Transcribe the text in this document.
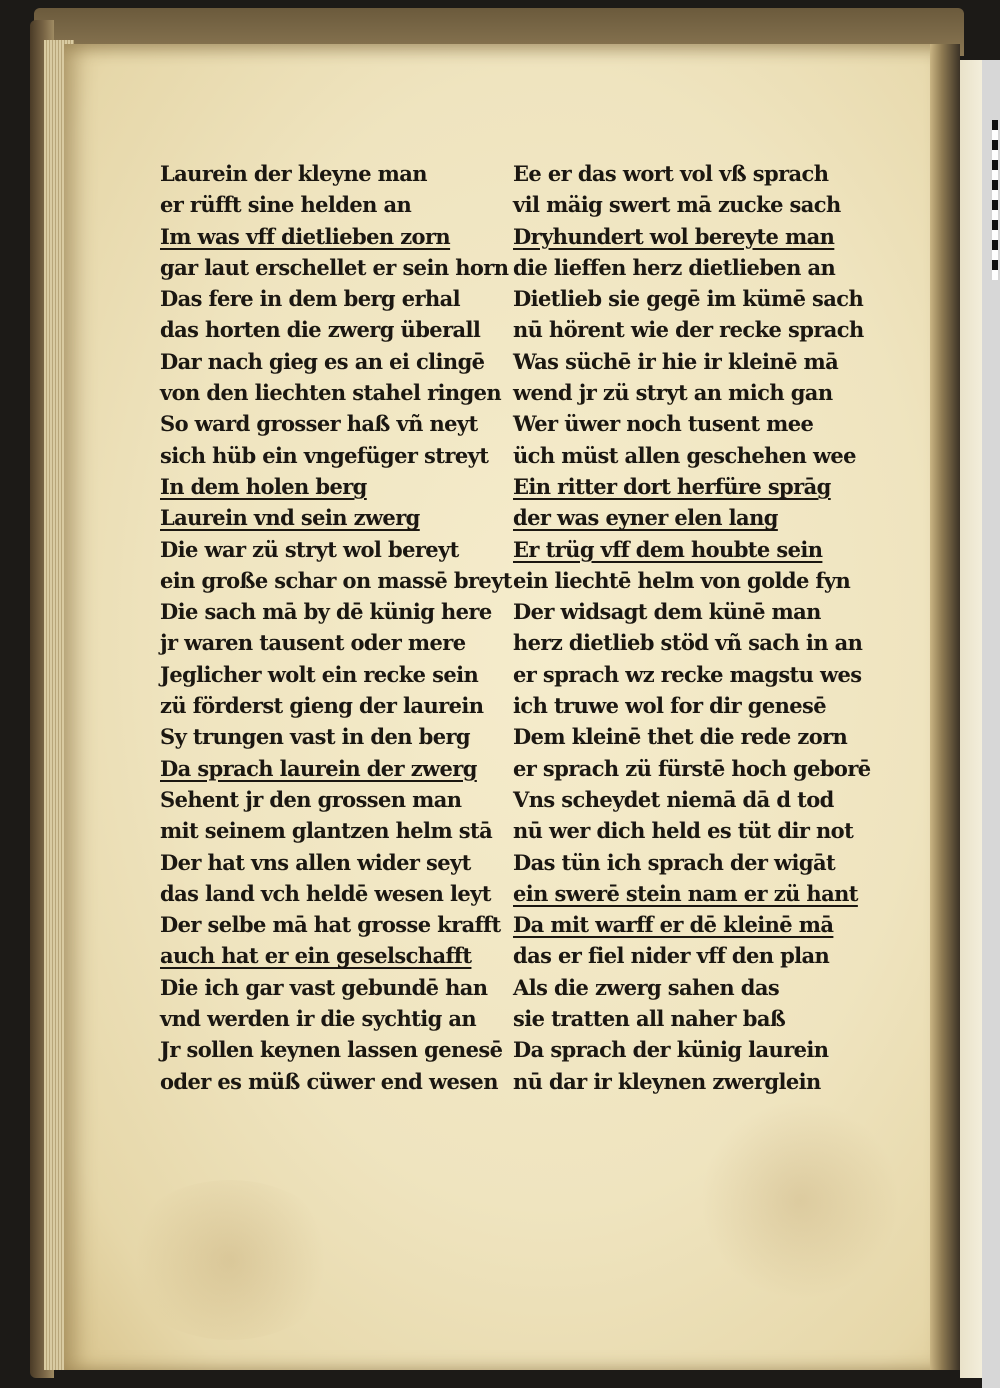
Laurein der kleyne man
er rüfft sine helden an
Im was vff dietlieben zorn
gar laut erschellet er sein horn
Das fere in dem berg erhal
das horten die zwerg überall
Dar nach gieg es an ei clingē
von den liechten stahel ringen
So ward grosser haß vñ neyt
sich hüb ein vngefüger streyt
In dem holen berg
Laurein vnd sein zwerg
Die war zü stryt wol bereyt
ein große schar on massē breyt
Die sach mā by dē künig here
jr waren tausent oder mere
Jeglicher wolt ein recke sein
zü förderst gieng der laurein
Sy trungen vast in den berg
Da sprach laurein der zwerg
Sehent jr den grossen man
mit seinem glantzen helm stā
Der hat vns allen wider seyt
das land vch heldē wesen leyt
Der selbe mā hat grosse krafft
auch hat er ein geselschafft
Die ich gar vast gebundē han
vnd werden ir die sychtig an
Jr sollen keynen lassen genesē
oder es müß cüwer end wesen
Ee er das wort vol vß sprach
vil mäig swert mā zucke sach
Dryhundert wol bereyte man
die lieffen herz dietlieben an
Dietlieb sie gegē im kümē sach
nū hörent wie der recke sprach
Was süchē ir hie ir kleinē mā
wend jr zü stryt an mich gan
Wer üwer noch tusent mee
üch müst allen geschehen wee
Ein ritter dort herfüre sprāg
der was eyner elen lang
Er trüg vff dem houbte sein
ein liechtē helm von golde fyn
Der widsagt dem künē man
herz dietlieb stöd vñ sach in an
er sprach wz recke magstu wes
ich truwe wol for dir genesē
Dem kleinē thet die rede zorn
er sprach zü fürstē hoch geborē
Vns scheydet niemā dā d tod
nū wer dich held es tüt dir not
Das tün ich sprach der wigāt
ein swerē stein nam er zü hant
Da mit warff er dē kleinē mā
das er fiel nider vff den plan
Als die zwerg sahen das
sie tratten all naher baß
Da sprach der künig laurein
nū dar ir kleynen zwerglein
